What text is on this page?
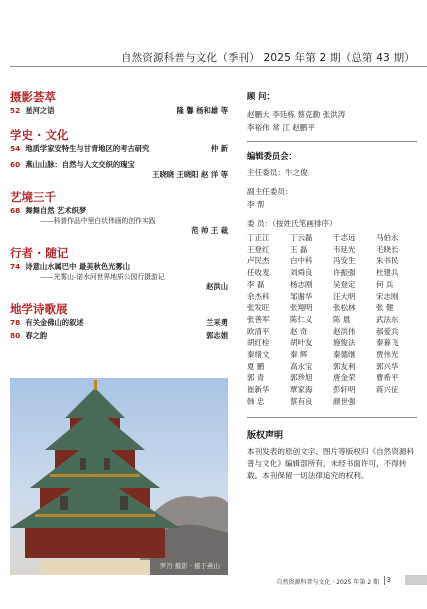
自然资源科普与文化（季刊） 2025 年第 2 期（总第 43 期）
摄影荟萃
52 星河之语	隆 馨 杨和雄 等
学史 · 文化
54 地质学家安特生与甘青地区的考古研究	仲 新
60 燕山山脉：自然与人文交织的瑰宝
王晓晓 王晓阳 赵 洋 等
艺境三千
68 舞舞自然 艺术织梦
——科普作品中里白状伟画的创作实践
范 帅 王 裁
行者 · 随记
74 诗意山水属巴中 最美秋色光雾山
——光雾山-诺水河世界地质公园行摄游记
赵洪山
地学诗歌展
78 有关金佛山的叙述	兰采勇
80 春之韵	郭志娟
罗丹 摄影 · 摄于燕山
顾 问：
赵鹏大 李廷栋 蔡克勤 张洪涛
李裕伟 常 江 赵鹏平
编辑委员会：
主任委员：牛之俊
副主任委员：
李 帮
委 员：（按姓氏笔画排序）
丁正江	丁云磊	于志远	马伯永
王登红	王 磊	韦延光	毛晓长
卢民杰	白中科	冯安生	朱书民
任收麦	刘舜良	许振强	杜建兵
李 磊	杨志刚	吴登定	何 兵
余杰科	邹谢华	汪大明	宋志刚
张发旺	张翔明	张松林	张 健
张善军	陈仁义	陈 晨	武法东
欧清平	赵 奇	赵洪伟	郝爱兵
胡红栓	胡叶友	施俊法	秦暮飞
秦绪文	秦 辉	秦德继	贾伟光
夏 鹏	高永宝	郭友利	郭兴华
郭 青	郭珍旭	唐金荣	曹希平
崔新华	覃家海	彭轩明	蒋兴征
韩 忠	蔡有良	颜世强
版权声明
本刊发表的原创文字、图片等版权归《自然资源科普与文化》编辑部所有，未经书面许可，不得转载。本刊保留一切法律追究的权利。
自然资源科普与文化 · 2025 年第 2 期 3
